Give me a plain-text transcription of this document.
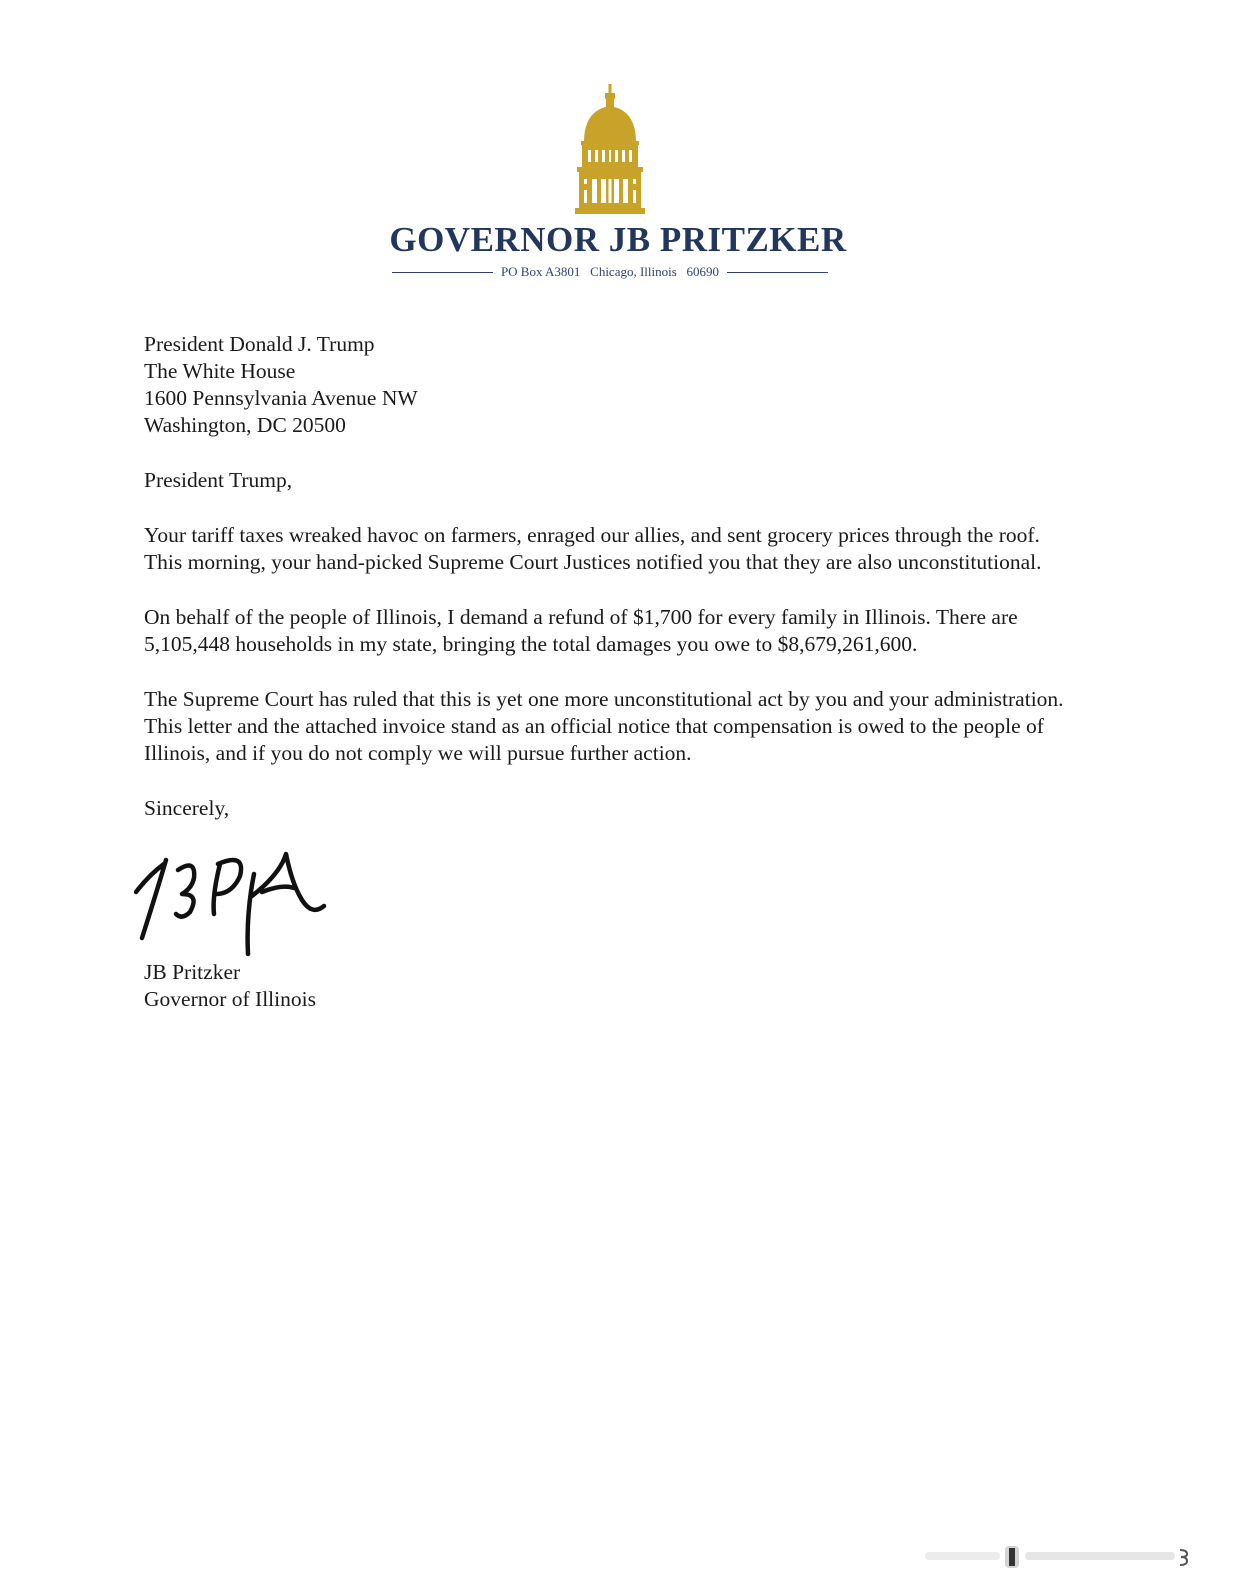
GOVERNOR JB PRITZKER
PO Box A3801   Chicago, Illinois   60690

President Donald J. Trump
The White House
1600 Pennsylvania Avenue NW
Washington, DC 20500

President Trump,

Your tariff taxes wreaked havoc on farmers, enraged our allies, and sent grocery prices through the roof. This morning, your hand-picked Supreme Court Justices notified you that they are also unconstitutional.

On behalf of the people of Illinois, I demand a refund of $1,700 for every family in Illinois. There are 5,105,448 households in my state, bringing the total damages you owe to $8,679,261,600.

The Supreme Court has ruled that this is yet one more unconstitutional act by you and your administration. This letter and the attached invoice stand as an official notice that compensation is owed to the people of Illinois, and if you do not comply we will pursue further action.

Sincerely,

JB Pritzker
Governor of Illinois
